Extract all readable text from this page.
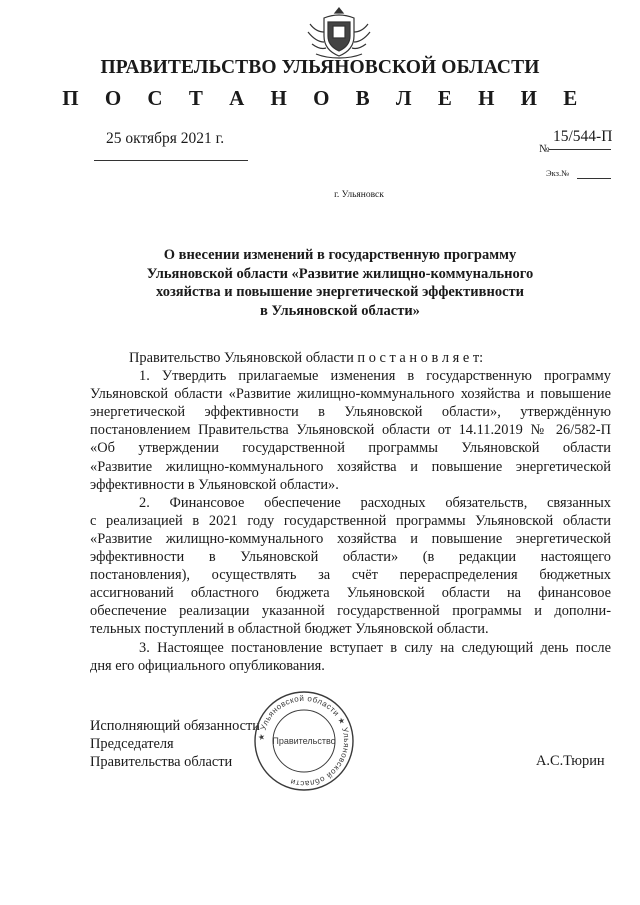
ПРАВИТЕЛЬСТВО УЛЬЯНОВСКОЙ ОБЛАСТИ
П О С Т А Н О В Л Е Н И Е
25 октября 2021 г.
№
15/544-П
Экз.№
г. Ульяновск
О внесении изменений в государственную программу
Ульяновской области «Развитие жилищно-коммунального
хозяйства и повышение энергетической эффективности
в Ульяновской области»
Правительство Ульяновской области п о с т а н о в л я е т:
1. Утвердить прилагаемые изменения в государственную программу
Ульяновской области «Развитие жилищно-коммунального хозяйства и повышение
энергетической эффективности в Ульяновской области», утверждённую
постановлением Правительства Ульяновской области от 14.11.2019 № 26/582-П
«Об утверждении государственной программы Ульяновской области
«Развитие жилищно-коммунального хозяйства и повышение энергетической
эффективности в Ульяновской области».
2. Финансовое обеспечение расходных обязательств, связанных
с реализацией в 2021 году государственной программы Ульяновской области
«Развитие жилищно-коммунального хозяйства и повышение энергетической
эффективности в Ульяновской области» (в редакции настоящего
постановления), осуществлять за счёт перераспределения бюджетных
ассигнований областного бюджета Ульяновской области на финансовое
обеспечение реализации указанной государственной программы и дополни-
тельных поступлений в областной бюджет Ульяновской области.
3. Настоящее постановление вступает в силу на следующий день после
дня его официального опубликования.
Исполняющий обязанности
Председателя
Правительства области
★ Ульяновской области ★ Ульяновской области
Правительство
А.С.Тюрин
